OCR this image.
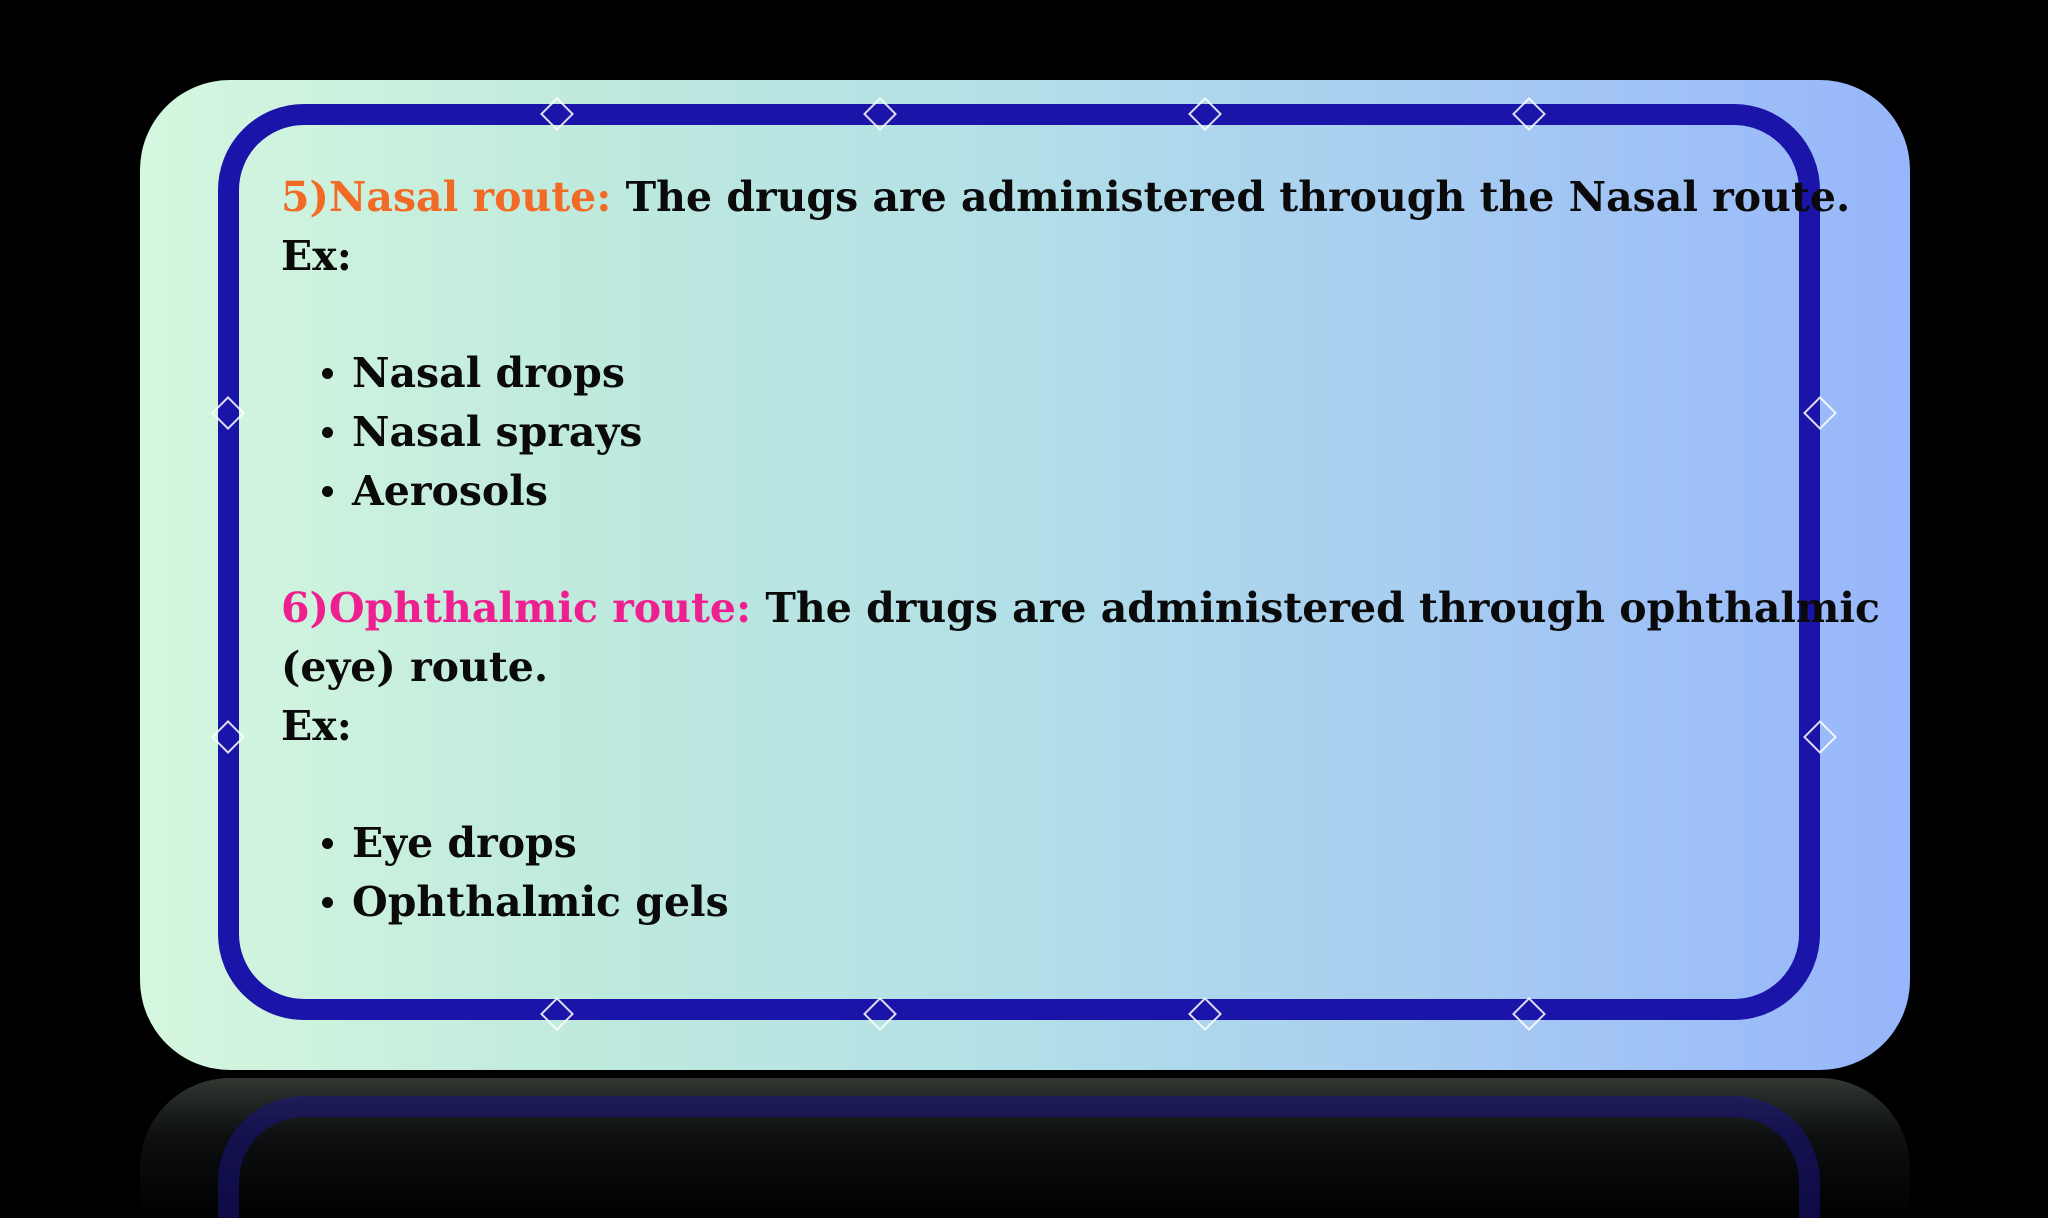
5)Nasal route: The drugs are administered through the Nasal route.
Ex:
Nasal drops
Nasal sprays
Aerosols
6)Ophthalmic route: The drugs are administered through ophthalmic
(eye) route.
Ex:
Eye drops
Ophthalmic gels
